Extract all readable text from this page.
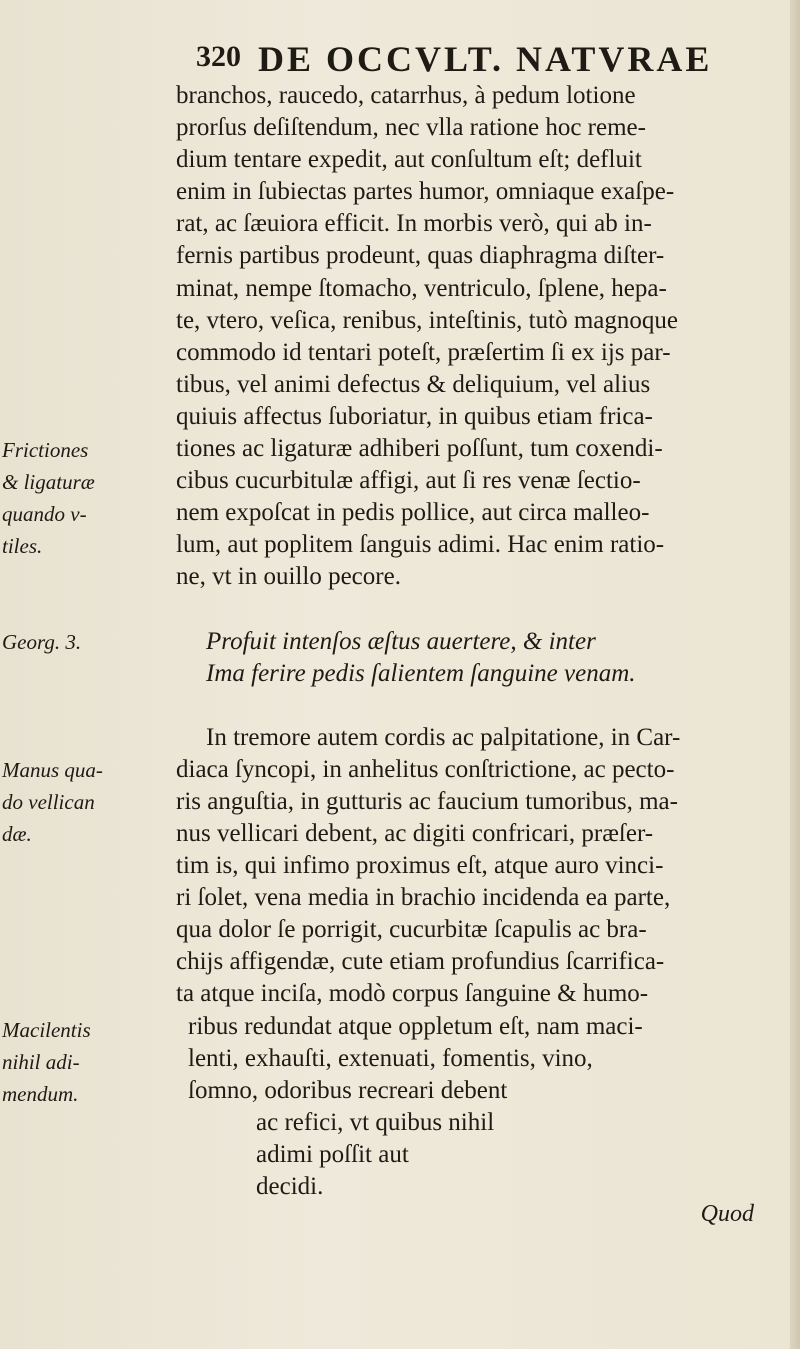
320 DE OCCVLT. NATVRAE
branchos, raucedo, catarrhus, à pedum lotione
prorſus deſiſtendum, nec vlla ratione hoc reme-
dium tentare expedit, aut conſultum eſt; defluit
enim in ſubiectas partes humor, omniaque exaſpe-
rat, ac ſæuiora efficit. In morbis verò, qui ab in-
fernis partibus prodeunt, quas diaphragma diſter-
minat, nempe ſtomacho, ventriculo, ſplene, hepa-
te, vtero, veſica, renibus, inteſtinis, tutò magnoque
commodo id tentari poteſt, præſertim ſi ex ijs par-
tibus, vel animi defectus & deliquium, vel alius
quiuis affectus ſuboriatur, in quibus etiam frica-
tiones ac ligaturæ adhiberi poſſunt, tum coxendi-
cibus cucurbitulæ affigi, aut ſi res venæ ſectio-
nem expoſcat in pedis pollice, aut circa malleo-
lum, aut poplitem ſanguis adimi. Hac enim ratio-
ne, vt in ouillo pecore.
Profuit intenſos æſtus auertere, & inter
Ima ferire pedis ſalientem ſanguine venam.
In tremore autem cordis ac palpitatione, in Car-
diaca ſyncopi, in anhelitus conſtrictione, ac pecto-
ris anguſtia, in gutturis ac faucium tumoribus, ma-
nus vellicari debent, ac digiti confricari, præſer-
tim is, qui infimo proximus eſt, atque auro vinci-
ri ſolet, vena media in brachio incidenda ea parte,
qua dolor ſe porrigit, cucurbitæ ſcapulis ac bra-
chijs affigendæ, cute etiam profundius ſcarrifica-
ta atque inciſa, modò corpus ſanguine & humo-
ribus redundat atque oppletum eſt, nam maci-
lenti, exhauſti, extenuati, fomentis, vino,
ſomno, odoribus recreari debent
ac refici, vt quibus nihil
adimi poſſit aut
decidi.
Frictiones
& ligaturæ
quando v-
tiles.
Georg. 3.
Manus qua-
do vellican
dæ.
Macilentis
nihil adi-
mendum.
Quod
